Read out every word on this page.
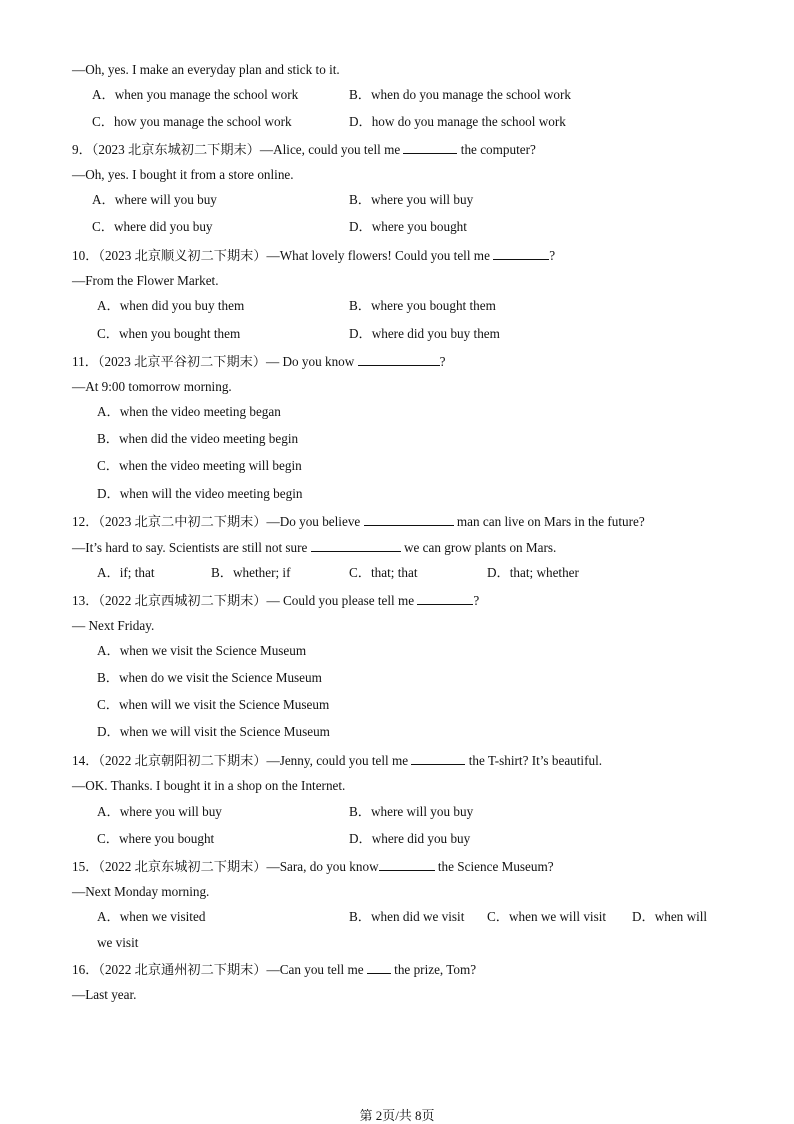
—Oh, yes. I make an everyday plan and stick to it.
A．when you manage the school work	B．when do you manage the school work
C．how you manage the school work	D．how do you manage the school work
9．（2023 北京东城初二下期末）—Alice, could you tell me	the computer?
—Oh, yes. I bought it from a store online.
A．where will you buy	B．where you will buy
C．where did you buy	D．where you bought
10．（2023 北京顺义初二下期末）—What lovely flowers! Could you tell me	?
—From the Flower Market.
A．when did you buy them	B．where you bought them
C．when you bought them	D．where did you buy them
11．（2023 北京平谷初二下期末）— Do you know	?
—At 9:00 tomorrow morning.
A．when the video meeting began
B．when did the video meeting begin
C．when the video meeting will begin
D．when will the video meeting begin
12．（2023 北京二中初二下期末）—Do you believe	man can live on Mars in the future?
—It’s hard to say. Scientists are still not sure	we can grow plants on Mars.
A．if; that	B．whether; if	C．that; that	D．that; whether
13．（2022 北京西城初二下期末）— Could you please tell me	?
— Next Friday.
A．when we visit the Science Museum
B．when do we visit the Science Museum
C．when will we visit the Science Museum
D．when we will visit the Science Museum
14．（2022 北京朝阳初二下期末）—Jenny, could you tell me	the T-shirt? It’s beautiful.
—OK. Thanks. I bought it in a shop on the Internet.
A．where you will buy	B．where will you buy
C．where you bought	D．where did you buy
15．（2022 北京东城初二下期末）—Sara, do you know	the Science Museum?
—Next Monday morning.
A．when we visited	B．when did we visit C．when we will visit D．when will
we visit
16．（2022 北京通州初二下期末）—Can you tell me the prize, Tom?
—Last year.
第 2页/共 8页
